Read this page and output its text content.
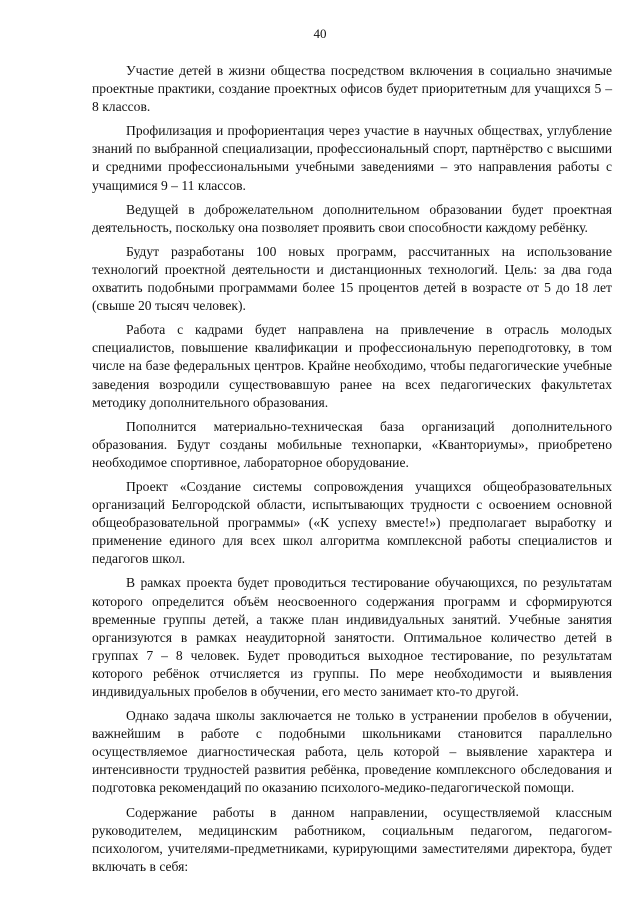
40

Участие детей в жизни общества посредством включения в социально значимые проектные практики, создание проектных офисов будет приоритетным для учащихся 5 – 8 классов.

Профилизация и профориентация через участие в научных обществах, углубление знаний по выбранной специализации, профессиональный спорт, партнёрство с высшими и средними профессиональными учебными заведениями – это направления работы с учащимися 9 – 11 классов.

Ведущей в доброжелательном дополнительном образовании будет проектная деятельность, поскольку она позволяет проявить свои способности каждому ребёнку.

Будут разработаны 100 новых программ, рассчитанных на использование технологий проектной деятельности и дистанционных технологий. Цель: за два года охватить подобными программами более 15 процентов детей в возрасте от 5 до 18 лет (свыше 20 тысяч человек).

Работа с кадрами будет направлена на привлечение в отрасль молодых специалистов, повышение квалификации и профессиональную переподготовку, в том числе на базе федеральных центров. Крайне необходимо, чтобы педагогические учебные заведения возродили существовавшую ранее на всех педагогических факультетах методику дополнительного образования.

Пополнится материально-техническая база организаций дополнительного образования. Будут созданы мобильные технопарки, «Кванториумы», приобретено необходимое спортивное, лабораторное оборудование.

Проект «Создание системы сопровождения учащихся общеобразовательных организаций Белгородской области, испытывающих трудности с освоением основной общеобразовательной программы» («К успеху вместе!») предполагает выработку и применение единого для всех школ алгоритма комплексной работы специалистов и педагогов школ.

В рамках проекта будет проводиться тестирование обучающихся, по результатам которого определится объём неосвоенного содержания программ и сформируются временные группы детей, а также план индивидуальных занятий. Учебные занятия организуются в рамках неаудиторной занятости. Оптимальное количество детей в группах 7 – 8 человек. Будет проводиться выходное тестирование, по результатам которого ребёнок отчисляется из группы. По мере необходимости и выявления индивидуальных пробелов в обучении, его место занимает кто-то другой.

Однако задача школы заключается не только в устранении пробелов в обучении, важнейшим в работе с подобными школьниками становится параллельно осуществляемое диагностическая работа, цель которой – выявление характера и интенсивности трудностей развития ребёнка, проведение комплексного обследования и подготовка рекомендаций по оказанию психолого-медико-педагогической помощи.

Содержание работы в данном направлении, осуществляемой классным руководителем, медицинским работником, социальным педагогом, педагогом-психологом, учителями-предметниками, курирующими заместителями директора, будет включать в себя:
